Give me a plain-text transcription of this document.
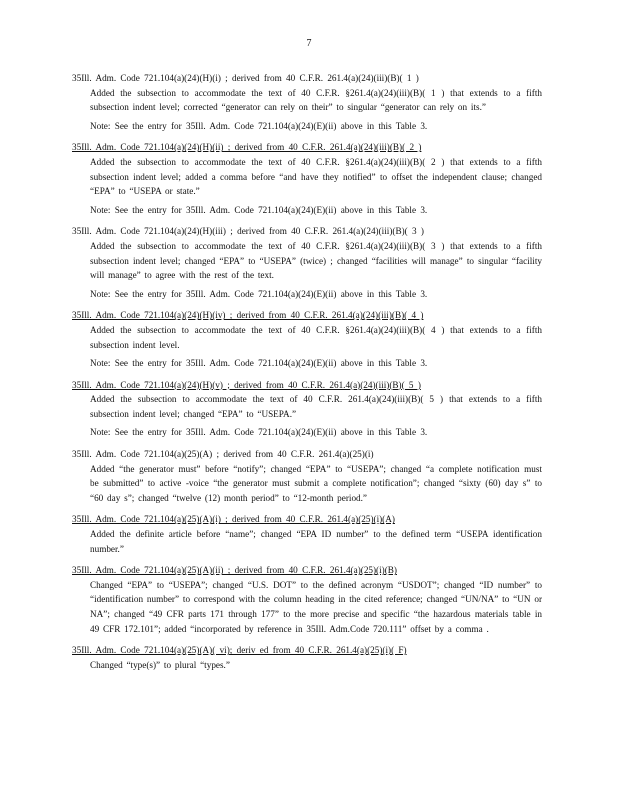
7
35Ill. Adm. Code 721.104(a)(24)(H)(i) ; derived from 40 C.F.R. 261.4(a)(24)(iii)(B)( 1 )
Added the subsection to accommodate the text of 40 C.F.R. §261.4(a)(24)(iii)(B)( 1 ) that extends to a fifth subsection indent level; corrected “generator can rely on their” to singular “generator can rely on its.”
Note: See the entry for 35Ill. Adm. Code 721.104(a)(24)(E)(ii) above in this Table 3.
35Ill. Adm. Code 721.104(a)(24)(H)(ii) ; derived from 40 C.F.R. 261.4(a)(24)(iii)(B)( 2 )
Added the subsection to accommodate the text of 40 C.F.R. §261.4(a)(24)(iii)(B)( 2 ) that extends to a fifth subsection indent level; added a comma before “and have they notified” to offset the independent clause; changed “EPA” to “USEPA or state.”
Note: See the entry for 35Ill. Adm. Code 721.104(a)(24)(E)(ii) above in this Table 3.
35Ill. Adm. Code 721.104(a)(24)(H)(iii) ; derived from 40 C.F.R. 261.4(a)(24)(iii)(B)( 3 )
Added the subsection to accommodate the text of 40 C.F.R. §261.4(a)(24)(iii)(B)( 3 ) that extends to a fifth subsection indent level; changed “EPA” to “USEPA” (twice) ; changed “facilities will manage” to singular “facility will manage” to agree with the rest of the text.
Note: See the entry for 35Ill. Adm. Code 721.104(a)(24)(E)(ii) above in this Table 3.
35Ill. Adm. Code 721.104(a)(24)(H)(iv) ; derived from 40 C.F.R. 261.4(a)(24)(iii)(B)( 4 )
Added the subsection to accommodate the text of 40 C.F.R. §261.4(a)(24)(iii)(B)( 4 ) that extends to a fifth subsection indent level.
Note: See the entry for 35Ill. Adm. Code 721.104(a)(24)(E)(ii) above in this Table 3.
35Ill. Adm. Code 721.104(a)(24)(H)(v) ; derived from 40 C.F.R. 261.4(a)(24)(iii)(B)( 5 )
Added the subsection to accommodate the text of 40 C.F.R. 261.4(a)(24)(iii)(B)( 5 ) that extends to a fifth subsection indent level; changed “EPA” to “USEPA.”
Note: See the entry for 35Ill. Adm. Code 721.104(a)(24)(E)(ii) above in this Table 3.
35Ill. Adm. Code 721.104(a)(25)(A) ; derived from 40 C.F.R. 261.4(a)(25)(i)
Added “the generator must” before “notify”; changed “EPA” to “USEPA”; changed “a complete notification must be submitted” to active -voice “the generator must submit a complete notification”; changed “sixty (60) day s” to “60 day s”; changed “twelve (12) month period” to “12-month period.”
35Ill. Adm. Code 721.104(a)(25)(A)(i) ; derived from 40 C.F.R. 261.4(a)(25)(i)(A)
Added the definite article before “name”; changed “EPA ID number” to the defined term “USEPA identification number.”
35Ill. Adm. Code 721.104(a)(25)(A)(ii) ; derived from 40 C.F.R. 261.4(a)(25)(i)(B)
Changed “EPA” to “USEPA”; changed “U.S. DOT” to the defined acronym “USDOT”; changed “ID number” to “identification number” to correspond with the column heading in the cited reference; changed “UN/NA” to “UN or NA”; changed “49 CFR parts 171 through 177” to the more precise and specific “the hazardous materials table in 49 CFR 172.101”; added “incorporated by reference in 35Ill. Adm.Code 720.111” offset by a comma .
35Ill. Adm. Code 721.104(a)(25)(A)( vi); deriv ed from 40 C.F.R. 261.4(a)(25)(i)( F)
Changed “type(s)” to plural “types.”
